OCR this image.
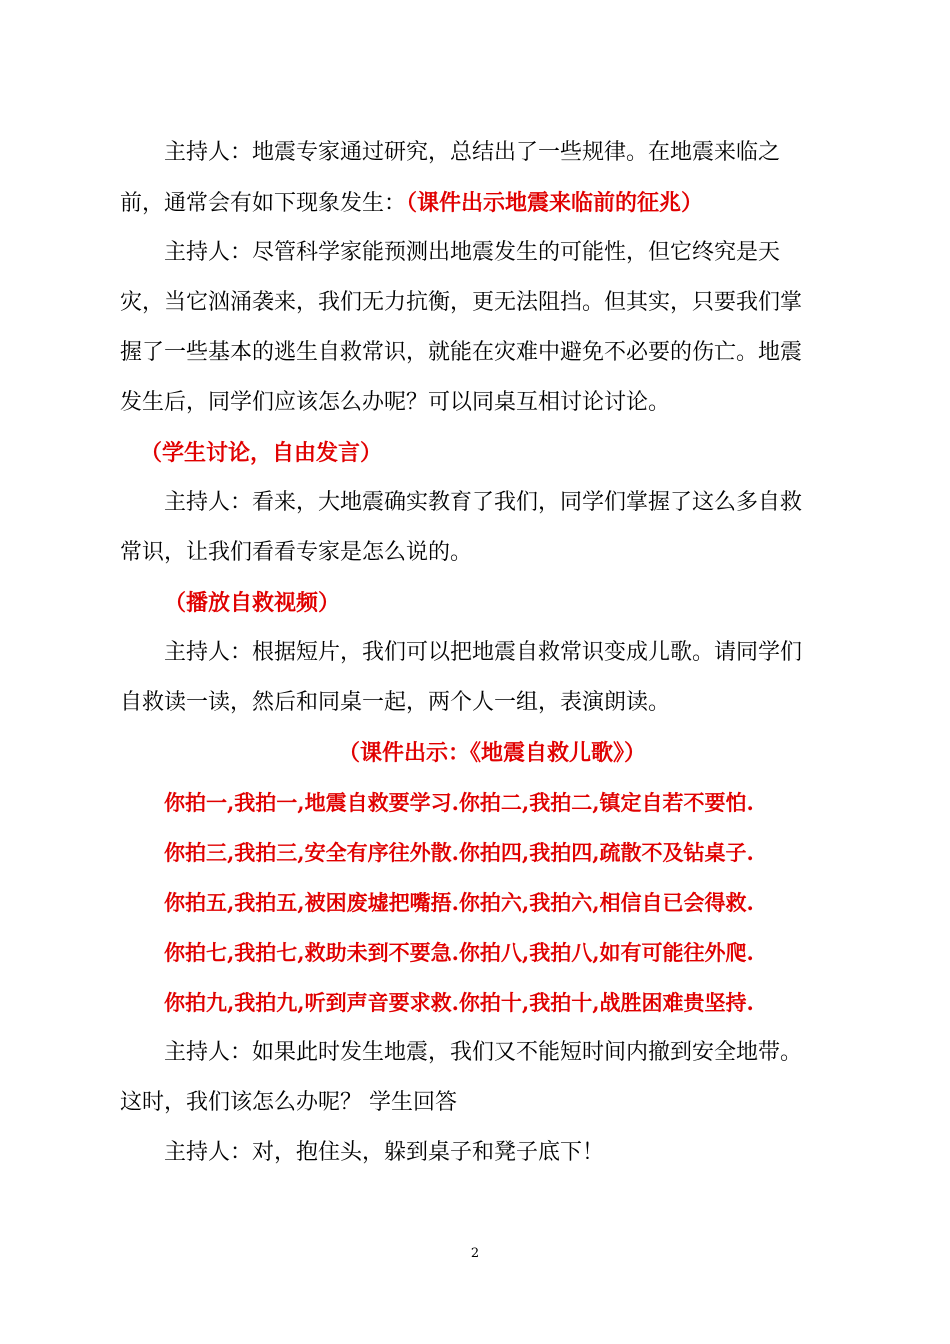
主持人：地震专家通过研究，总结出了一些规律。在地震来临之
前，通常会有如下现象发生：（课件出示地震来临前的征兆）
主持人：尽管科学家能预测出地震发生的可能性，但它终究是天
灾，当它汹涌袭来，我们无力抗衡，更无法阻挡。但其实，只要我们掌
握了一些基本的逃生自救常识，就能在灾难中避免不必要的伤亡。地震
发生后，同学们应该怎么办呢？可以同桌互相讨论讨论。
（学生讨论，自由发言）
主持人：看来，大地震确实教育了我们，同学们掌握了这么多自救
常识，让我们看看专家是怎么说的。
（播放自救视频）
主持人：根据短片，我们可以把地震自救常识变成儿歌。请同学们
自救读一读，然后和同桌一起，两个人一组，表演朗读。
（课件出示：《地震自救儿歌》）
你拍一,我拍一,地震自救要学习.你拍二,我拍二,镇定自若不要怕.
你拍三,我拍三,安全有序往外散.你拍四,我拍四,疏散不及钻桌子.
你拍五,我拍五,被困废墟把嘴捂.你拍六,我拍六,相信自已会得救.
你拍七,我拍七,救助未到不要急.你拍八,我拍八,如有可能往外爬.
你拍九,我拍九,听到声音要求救.你拍十,我拍十,战胜困难贵坚持.
主持人：如果此时发生地震，我们又不能短时间内撤到安全地带。
这时，我们该怎么办呢？ 学生回答
主持人：对，抱住头，躲到桌子和凳子底下！
2
